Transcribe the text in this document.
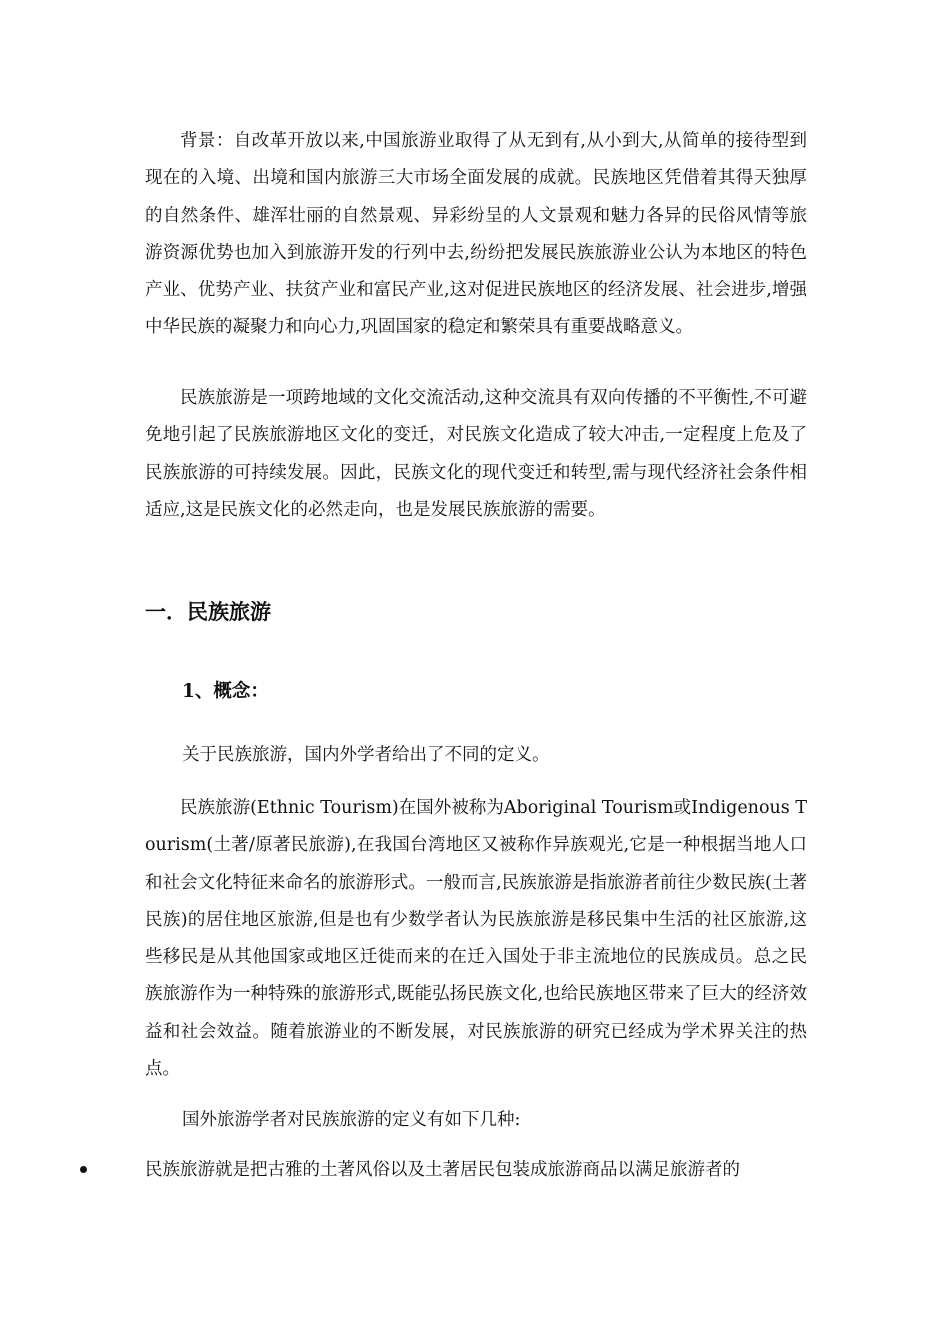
背景：自改革开放以来,中国旅游业取得了从无到有,从小到大,从简单的接待型到现在的入境、出境和国内旅游三大市场全面发展的成就。民族地区凭借着其得天独厚的自然条件、雄浑壮丽的自然景观、异彩纷呈的人文景观和魅力各异的民俗风情等旅游资源优势也加入到旅游开发的行列中去,纷纷把发展民族旅游业公认为本地区的特色产业、优势产业、扶贫产业和富民产业,这对促进民族地区的经济发展、社会进步,增强中华民族的凝聚力和向心力,巩固国家的稳定和繁荣具有重要战略意义。

民族旅游是一项跨地域的文化交流活动,这种交流具有双向传播的不平衡性,不可避免地引起了民族旅游地区文化的变迁，对民族文化造成了较大冲击,一定程度上危及了民族旅游的可持续发展。因此，民族文化的现代变迁和转型,需与现代经济社会条件相适应,这是民族文化的必然走向，也是发展民族旅游的需要。

一．民族旅游
1、概念：

关于民族旅游，国内外学者给出了不同的定义。

民族旅游(Ethnic Tourism)在国外被称为Aboriginal Tourism或Indigenous Tourism(土著/原著民旅游),在我国台湾地区又被称作异族观光,它是一种根据当地人口和社会文化特征来命名的旅游形式。一般而言,民族旅游是指旅游者前往少数民族(土著民族)的居住地区旅游,但是也有少数学者认为民族旅游是移民集中生活的社区旅游,这些移民是从其他国家或地区迁徙而来的在迁入国处于非主流地位的民族成员。总之民族旅游作为一种特殊的旅游形式,既能弘扬民族文化,也给民族地区带来了巨大的经济效益和社会效益。随着旅游业的不断发展，对民族旅游的研究已经成为学术界关注的热点。

国外旅游学者对民族旅游的定义有如下几种:

民族旅游就是把古雅的土著风俗以及土著居民包装成旅游商品以满足旅游者的
